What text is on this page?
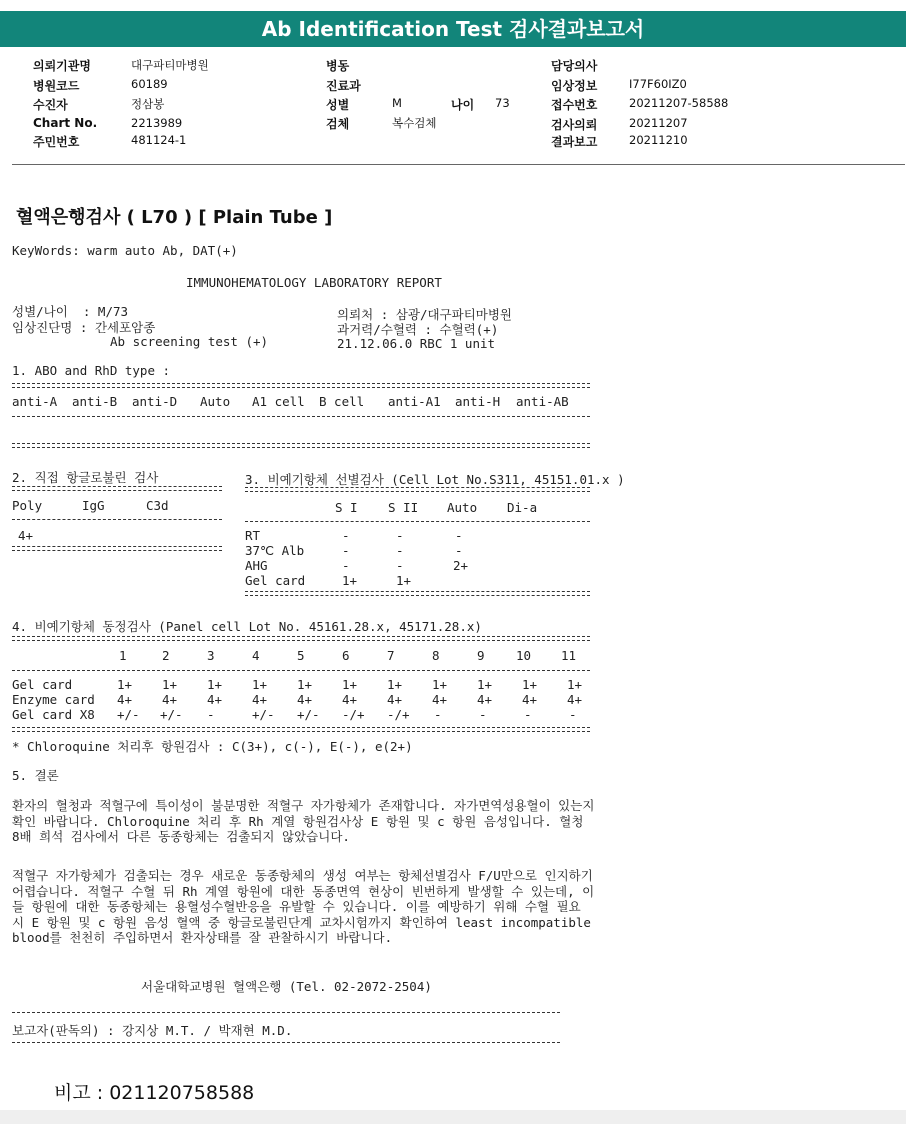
Ab Identification Test 검사결과보고서
의뢰기관명	대구파티마병원
병원코드	60189
수진자	정삼봉
Chart No.	2213989
주민번호	481124-1
병동
진료과
성별	M
검체	복수검체
나이 73
담당의사
임상정보	I77F60IZ0
접수번호	20211207-58588
검사의뢰	20211207
결과보고	20211210
혈액은행검사 ( L70 ) [ Plain Tube ]
KeyWords: warm auto Ab, DAT(+)
IMMUNOHEMATOLOGY LABORATORY REPORT
성별/나이  : M/73
임상진단명 : 간세포암종
Ab screening test (+)
의뢰처 : 삼광/대구파티마병원
과거력/수혈력 : 수혈력(+)
21.12.06.0 RBC 1 unit
1. ABO and RhD type :
anti-A anti-B anti-D Auto A1 cell B cell anti-A1 anti-H anti-AB
2. 직접 항글로불린 검사
Poly	IgG	C3d
4+
3. 비예기항체 선별검사 (Cell Lot No.S311, 45151.01.x )
S I S II Auto Di-a
RT	-	-	-
37℃ Alb	-	-	-
AHG	-	-	2+
Gel card	1+	1+
4. 비예기항체 동정검사 (Panel cell Lot No. 45161.28.x, 45171.28.x)
1	2	3	4	5	6	7	8	9	10 11
Gel card	1+ 1+ 1+ 1+ 1+ 1+ 1+ 1+ 1+ 1+ 1+
Enzyme card 4+ 4+ 4+ 4+ 4+ 4+ 4+ 4+ 4+ 4+ 4+
Gel card X8 +/- +/- -	+/- +/- -/+ -/+ -	-	-	-
* Chloroquine 처리후 항원검사 : C(3+), c(-), E(-), e(2+)
5. 결론
환자의 혈청과 적혈구에 특이성이 불분명한 적혈구 자가항체가 존재합니다. 자가면역성용혈이 있는지 확인 바랍니다. Chloroquine 처리 후 Rh 계열 항원검사상 E 항원 및 c 항원 음성입니다. 혈청 8배 희석 검사에서 다른 동종항체는 검출되지 않았습니다.
적혈구 자가항체가 검출되는 경우 새로운 동종항체의 생성 여부는 항체선별검사 F/U만으로 인지하기 어렵습니다. 적혈구 수혈 뒤 Rh 계열 항원에 대한 동종면역 현상이 빈번하게 발생할 수 있는데, 이들 항원에 대한 동종항체는 용혈성수혈반응을 유발할 수 있습니다. 이를 예방하기 위해 수혈 필요 시 E 항원 및 c 항원 음성 혈액 중 항글로불린단계 교차시험까지 확인하여 least incompatible blood를 천천히 주입하면서 환자상태를 잘 관찰하시기 바랍니다.
서울대학교병원 혈액은행 (Tel. 02-2072-2504)
보고자(판독의) : 강지상 M.T. / 박재현 M.D.
비고 : 021120758588
